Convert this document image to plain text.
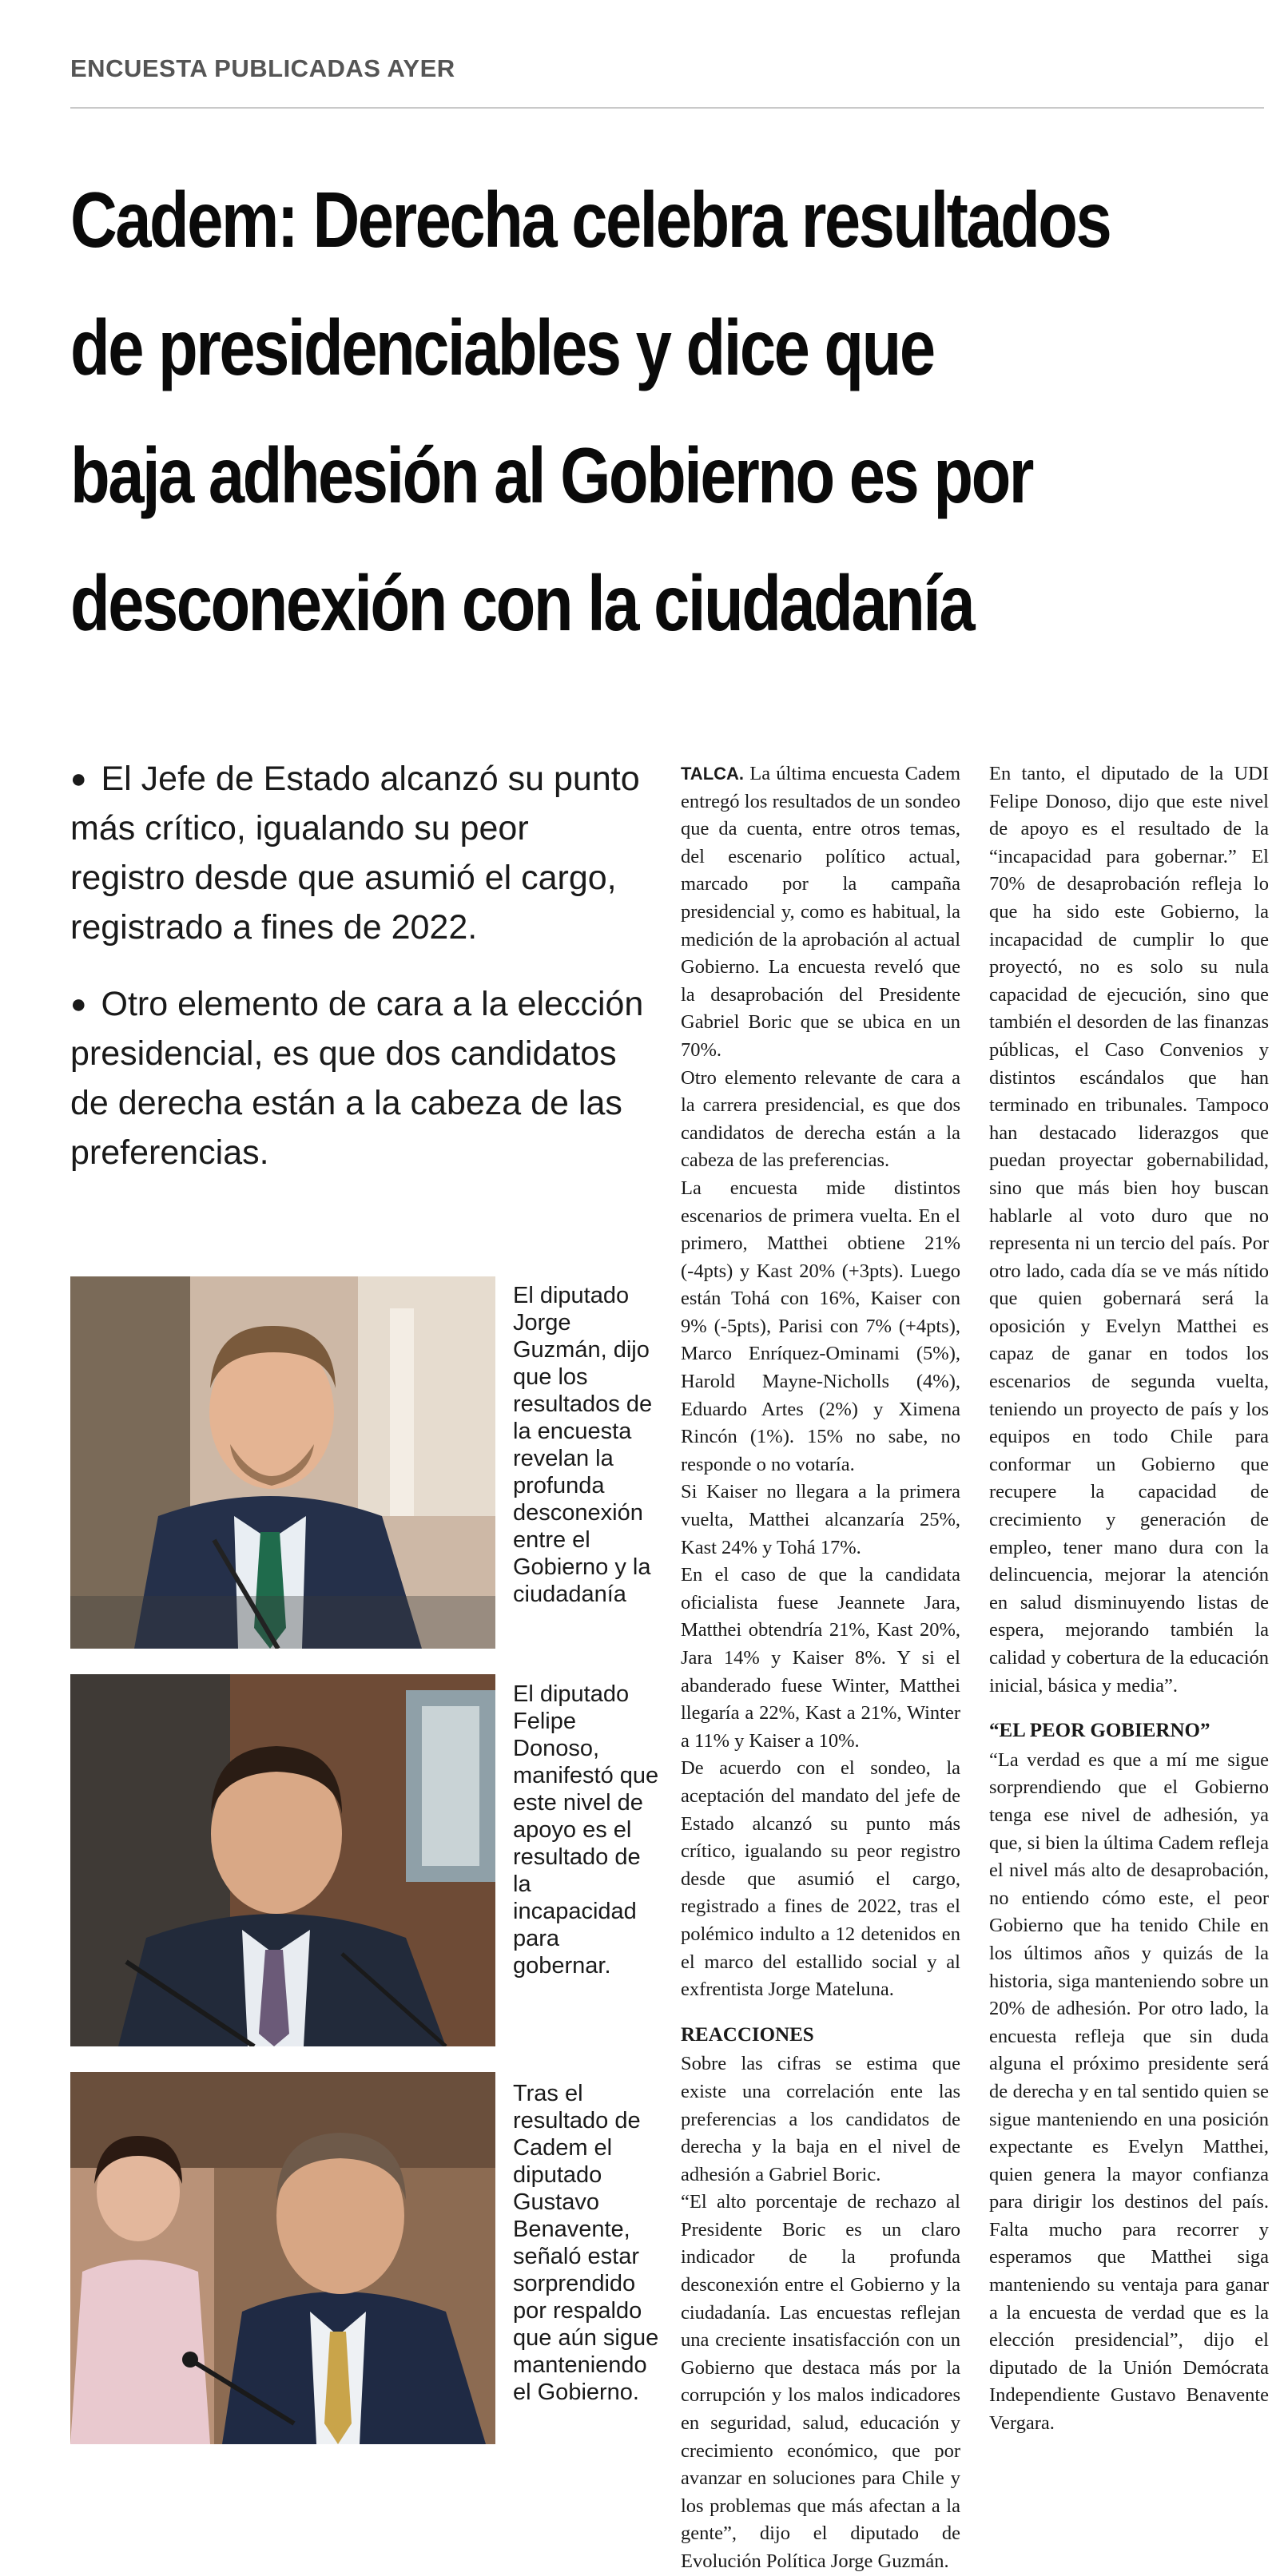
ENCUESTA PUBLICADAS AYER
Cadem: Derecha celebra resultados
de presidenciables y dice que
baja adhesión al Gobierno es por
desconexión con la ciudadanía

● El Jefe de Estado alcanzó su punto más crítico, igualando su peor registro desde que asumió el cargo, registrado a fines de 2022.

● Otro elemento de cara a la elección presidencial, es que dos candidatos de derecha están a la cabeza de las preferencias.

El diputado Jorge Guzmán, dijo que los resultados de la encuesta revelan la profunda desconexión entre el Gobierno y la ciudadanía
El diputado Felipe Donoso, manifestó que este nivel de apoyo es el resultado de la incapacidad para gobernar.
Tras el resultado de Cadem el diputado Gustavo Benavente, señaló estar sorprendido por respaldo que aún sigue manteniendo el Gobierno.

TALCA. La última encuesta Cadem entregó los resultados de un sondeo que da cuenta, entre otros temas, del escenario político actual, marcado por la campaña presidencial y, como es habitual, la medición de la aprobación al actual Gobierno. La encuesta reveló que la desaprobación del Presidente Gabriel Boric que se ubica en un 70%.

Otro elemento relevante de cara a la carrera presidencial, es que dos candidatos de derecha están a la cabeza de las preferencias.

La encuesta mide distintos escenarios de primera vuelta. En el primero, Matthei obtiene 21% (-4pts) y Kast 20% (+3pts). Luego están Tohá con 16%, Kaiser con 9% (-5pts), Parisi con 7% (+4pts), Marco Enríquez-Ominami (5%), Harold Mayne-Nicholls (4%), Eduardo Artes (2%) y Ximena Rincón (1%). 15% no sabe, no responde o no votaría.

Si Kaiser no llegara a la primera vuelta, Matthei alcanzaría 25%, Kast 24% y Tohá 17%.

En el caso de que la candidata oficialista fuese Jeannete Jara, Matthei obtendría 21%, Kast 20%, Jara 14% y Kaiser 8%. Y si el abanderado fuese Winter, Matthei llegaría a 22%, Kast a 21%, Winter a 11% y Kaiser a 10%.

De acuerdo con el sondeo, la aceptación del mandato del jefe de Estado alcanzó su punto más crítico, igualando su peor registro desde que asumió el cargo, registrado a fines de 2022, tras el polémico indulto a 12 detenidos en el marco del estallido social y al exfrentista Jorge Mateluna.

REACCIONES

Sobre las cifras se estima que existe una correlación ente las preferencias a los candidatos de derecha y la baja en el nivel de adhesión a Gabriel Boric.

“El alto porcentaje de rechazo al Presidente Boric es un claro indicador de la profunda desconexión entre el Gobierno y la ciudadanía. Las encuestas reflejan una creciente insatisfacción con un Gobierno que destaca más por la corrupción y los malos indicadores en seguridad, salud, educación y crecimiento económico, que por avanzar en soluciones para Chile y los problemas que más afectan a la gente”, dijo el diputado de Evolución Política Jorge Guzmán.

En tanto, el diputado de la UDI Felipe Donoso, dijo que este nivel de apoyo es el resultado de la “incapacidad para gobernar.” El 70% de desaprobación refleja lo que ha sido este Gobierno, la incapacidad de cumplir lo que proyectó, no es solo su nula capacidad de ejecución, sino que también el desorden de las finanzas públicas, el Caso Convenios y distintos escándalos que han terminado en tribunales. Tampoco han destacado liderazgos que puedan proyectar gobernabilidad, sino que más bien hoy buscan hablarle al voto duro que no representa ni un tercio del país. Por otro lado, cada día se ve más nítido que quien gobernará será la oposición y Evelyn Matthei es capaz de ganar en todos los escenarios de segunda vuelta, teniendo un proyecto de país y los equipos en todo Chile para conformar un Gobierno que recupere la capacidad de crecimiento y generación de empleo, tener mano dura con la delincuencia, mejorar la atención en salud disminuyendo listas de espera, mejorando también la calidad y cobertura de la educación inicial, básica y media”.

“EL PEOR GOBIERNO”

“La verdad es que a mí me sigue sorprendiendo que el Gobierno tenga ese nivel de adhesión, ya que, si bien la última Cadem refleja el nivel más alto de desaprobación, no entiendo cómo este, el peor Gobierno que ha tenido Chile en los últimos años y quizás de la historia, siga manteniendo sobre un 20% de adhesión. Por otro lado, la encuesta refleja que sin duda alguna el próximo presidente será de derecha y en tal sentido quien se sigue manteniendo en una posición expectante es Evelyn Matthei, quien genera la mayor confianza para dirigir los destinos del país. Falta mucho para recorrer y esperamos que Matthei siga manteniendo su ventaja para ganar a la encuesta de verdad que es la elección presidencial”, dijo el diputado de la Unión Demócrata Independiente Gustavo Benavente Vergara.
